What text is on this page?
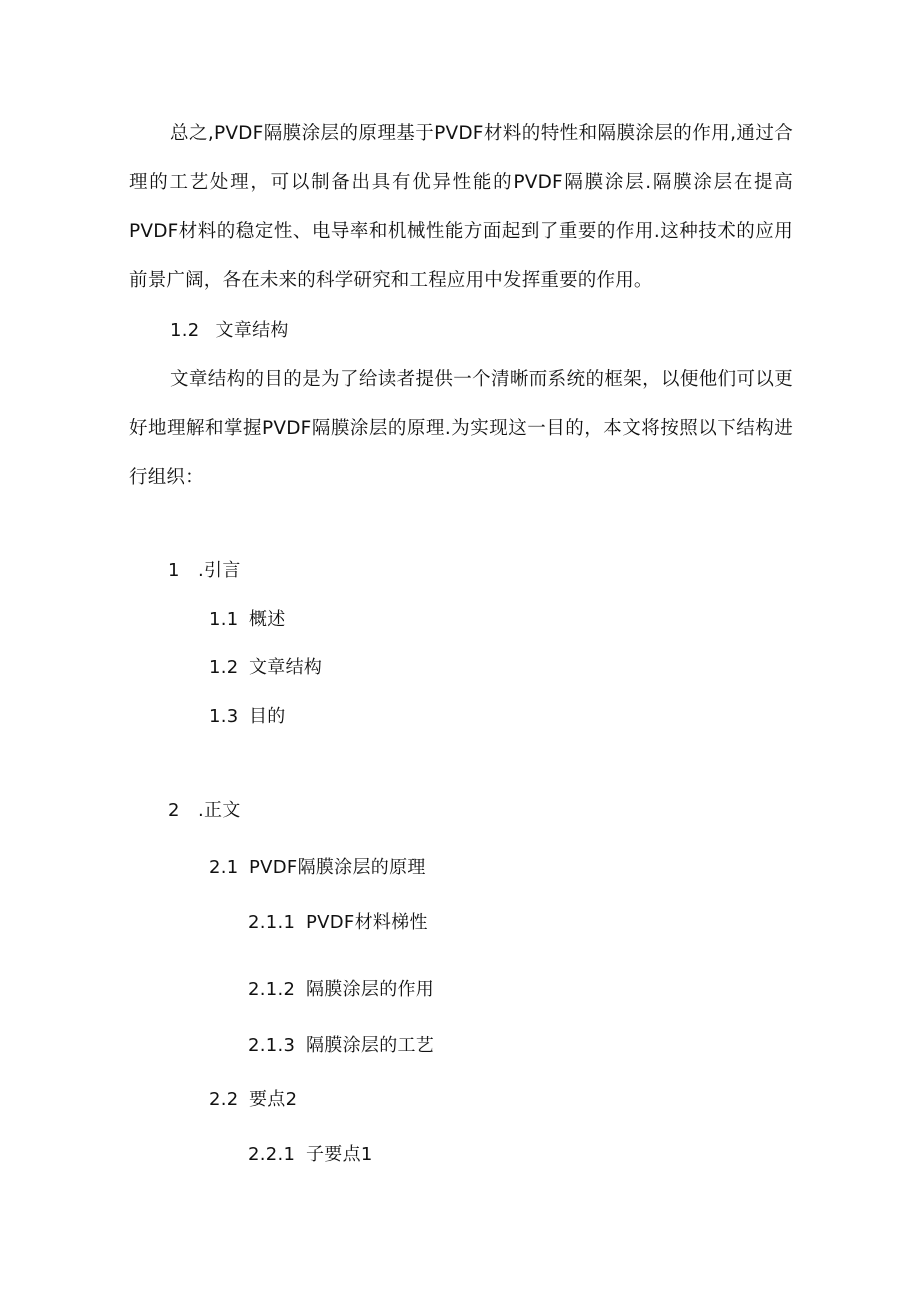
总之,PVDF隔膜涂层的原理基于PVDF材料的特性和隔膜涂层的作用,通过合理的工艺处理，可以制备出具有优异性能的PVDF隔膜涂层.隔膜涂层在提高PVDF材料的稳定性、电导率和机械性能方面起到了重要的作用.这种技术的应用前景广阔，各在未来的科学研究和工程应用中发挥重要的作用。

1.2 文章结构

文章结构的目的是为了给读者提供一个清晰而系统的框架，以便他们可以更好地理解和掌握PVDF隔膜涂层的原理.为实现这一目的，本文将按照以下结构进行组织：

1 .引言
1.1 概述
1.2 文章结构
1.3 目的
2 .正文
2.1 PVDF隔膜涂层的原理
2.1.1 PVDF材料梯性
2.1.2 隔膜涂层的作用
2.1.3 隔膜涂层的工艺
2.2 要点2
2.2.1 子要点1
